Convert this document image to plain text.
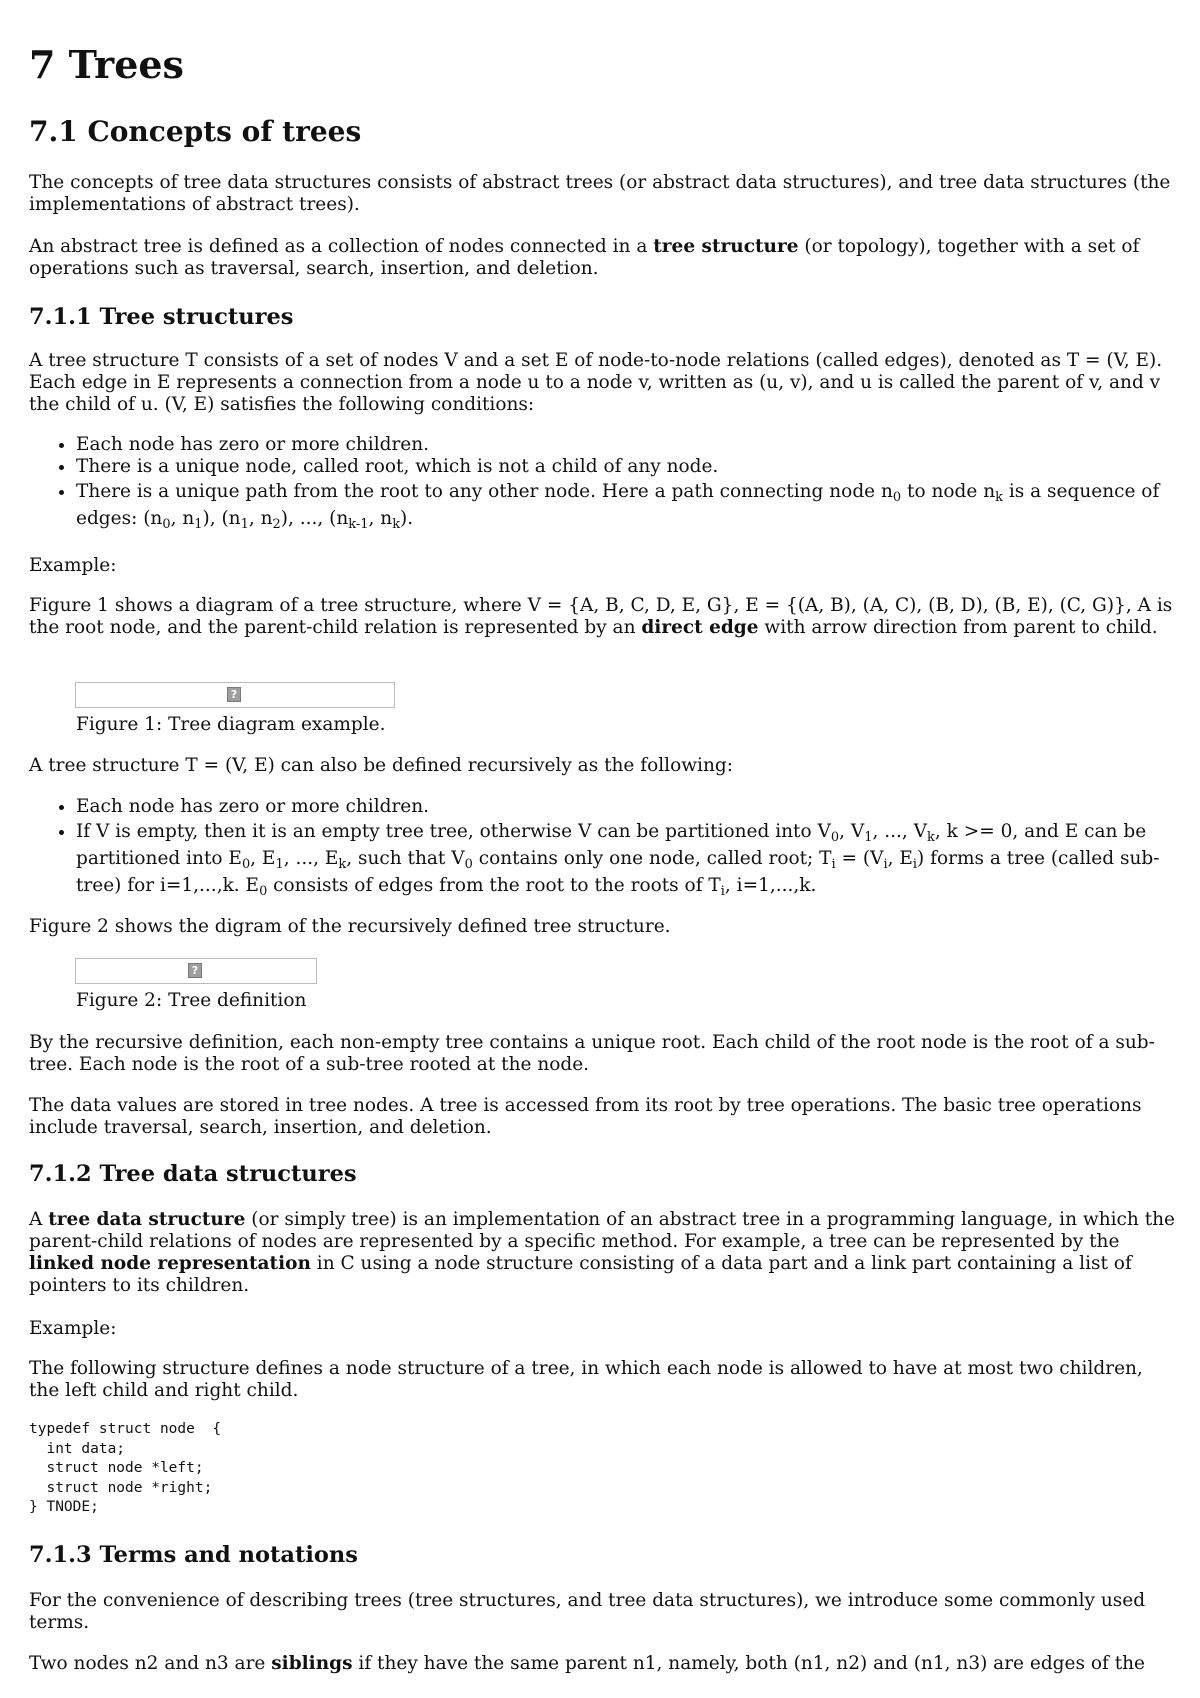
7 Trees
7.1 Concepts of trees

The concepts of tree data structures consists of abstract trees (or abstract data structures), and tree data structures (the implementations of abstract trees).

An abstract tree is defined as a collection of nodes connected in a tree structure (or topology), together with a set of operations such as traversal, search, insertion, and deletion.

7.1.1 Tree structures

A tree structure T consists of a set of nodes V and a set E of node-to-node relations (called edges), denoted as T = (V, E). Each edge in E represents a connection from a node u to a node v, written as (u, v), and u is called the parent of v, and v the child of u. (V, E) satisfies the following conditions:

• Each node has zero or more children.
• There is a unique node, called root, which is not a child of any node.
• There is a unique path from the root to any other node. Here a path connecting node $n_0$ to node $n_k$ is a sequence of edges: ($n_0$, $n_1$), ($n_1$, $n_2$), ..., ($n_{k-1}$, $n_k$).

Example:

Figure 1 shows a diagram of a tree structure, where V = {A, B, C, D, E, G}, E = {(A, B), (A, C), (B, D), (B, E), (C, G)}, A is the root node, and the parent-child relation is represented by an direct edge with arrow direction from parent to child.

?

Figure 1: Tree diagram example.

A tree structure T = (V, E) can also be defined recursively as the following:

• Each node has zero or more children.
• If V is empty, then it is an empty tree tree, otherwise V can be partitioned into $V_0$, $V_1$, ..., $V_k$, k >= 0, and E can be partitioned into $E_0$, $E_1$, ..., $E_k$, such that $V_0$ contains only one node, called root; $T_i = (V_i$, $E_i$) forms a tree (called sub-tree) for i=1,...,k. $E_0$ consists of edges from the root to the roots of $T_i$, i=1,...,k.

Figure 2 shows the digram of the recursively defined tree structure.

?

Figure 2: Tree definition

By the recursive definition, each non-empty tree contains a unique root. Each child of the root node is the root of a sub-tree. Each node is the root of a sub-tree rooted at the node.

The data values are stored in tree nodes. A tree is accessed from its root by tree operations. The basic tree operations include traversal, search, insertion, and deletion.

7.1.2 Tree data structures

A tree data structure (or simply tree) is an implementation of an abstract tree in a programming language, in which the parent-child relations of nodes are represented by a specific method. For example, a tree can be represented by the linked node representation in C using a node structure consisting of a data part and a link part containing a list of pointers to its children.

Example:

The following structure defines a node structure of a tree, in which each node is allowed to have at most two children, the left child and right child.

typedef struct node  {
int data;
struct node *left;
struct node *right;
} TNODE;
7.1.3 Terms and notations

For the convenience of describing trees (tree structures, and tree data structures), we introduce some commonly used terms.

Two nodes n2 and n3 are siblings if they have the same parent n1, namely, both (n1, n2) and (n1, n3) are edges of the
